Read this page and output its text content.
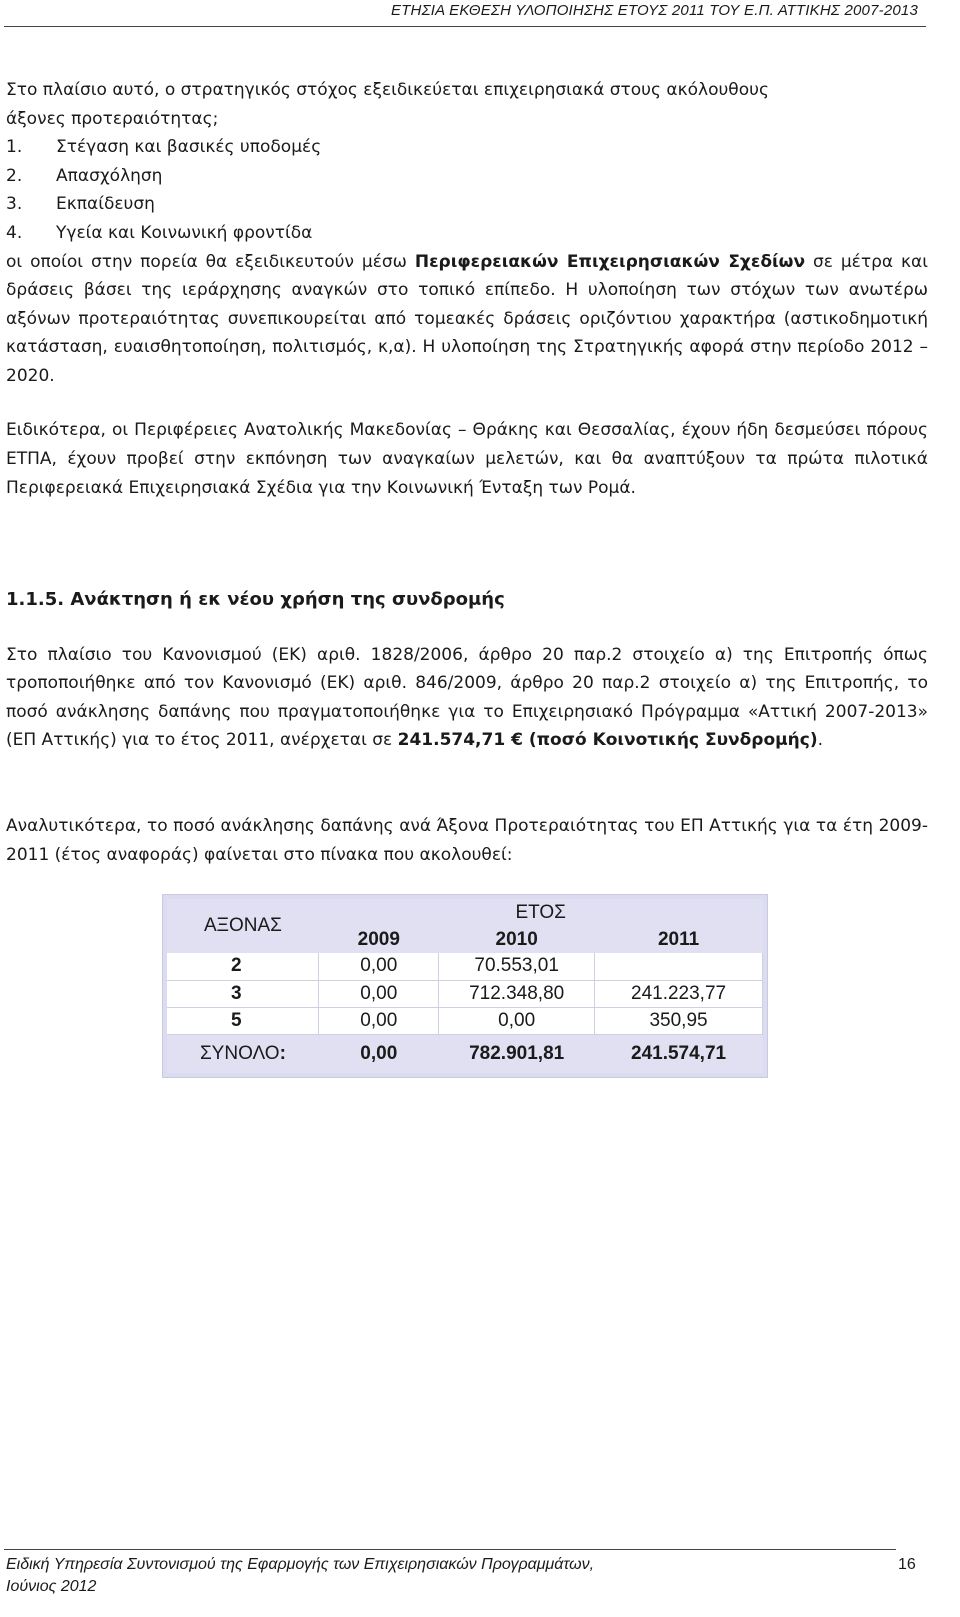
ΕΤΗΣΙΑ ΕΚΘΕΣΗ ΥΛΟΠΟΙΗΣΗΣ ΕΤΟΥΣ 2011 ΤΟΥ Ε.Π. ΑΤΤΙΚΗΣ 2007-2013
Στο πλαίσιο αυτό, ο στρατηγικός στόχος εξειδικεύεται επιχειρησιακά στους ακόλουθους
άξονες προτεραιότητας;
1. Στέγαση και βασικές υποδομές
2. Απασχόληση
3. Εκπαίδευση
4. Υγεία και Κοινωνική φροντίδα
οι οποίοι στην πορεία θα εξειδικευτούν μέσω Περιφερειακών Επιχειρησιακών Σχεδίων σε μέτρα και δράσεις βάσει της ιεράρχησης αναγκών στο τοπικό επίπεδο. Η υλοποίηση των στόχων των ανωτέρω αξόνων προτεραιότητας συνεπικουρείται από τομεακές δράσεις οριζόντιου χαρακτήρα (αστικοδημοτική κατάσταση, ευαισθητοποίηση, πολιτισμός, κ,α). Η υλοποίηση της Στρατηγικής αφορά στην περίοδο 2012 – 2020.
Ειδικότερα, οι Περιφέρειες Ανατολικής Μακεδονίας – Θράκης και Θεσσαλίας, έχουν ήδη δεσμεύσει πόρους ΕΤΠΑ, έχουν προβεί στην εκπόνηση των αναγκαίων μελετών, και θα αναπτύξουν τα πρώτα πιλοτικά Περιφερειακά Επιχειρησιακά Σχέδια για την Κοινωνική Ένταξη των Ρομά.
1.1.5. Ανάκτηση ή εκ νέου χρήση της συνδρομής
Στο πλαίσιο του Κανονισμού (ΕΚ) αριθ. 1828/2006, άρθρο 20 παρ.2 στοιχείο α) της Επιτροπής όπως τροποποιήθηκε από τον Κανονισμό (ΕΚ) αριθ. 846/2009, άρθρο 20 παρ.2 στοιχείο α) της Επιτροπής, το ποσό ανάκλησης δαπάνης που πραγματοποιήθηκε για το Επιχειρησιακό Πρόγραμμα «Αττική 2007-2013» (ΕΠ Αττικής) για το έτος 2011, ανέρχεται σε 241.574,71 € (ποσό Κοινοτικής Συνδρομής).
Αναλυτικότερα, το ποσό ανάκλησης δαπάνης ανά Άξονα Προτεραιότητας του ΕΠ Αττικής για τα έτη 2009- 2011 (έτος αναφοράς) φαίνεται στο πίνακα που ακολουθεί:
ΑΞΟΝΑΣ	ΕΤΟΣ		
	2009	2010	2011
2	0,00	70.553,01	
3	0,00	712.348,80	241.223,77
5	0,00	0,00	350,95
ΣΥΝΟΛΟ:	0,00	782.901,81	241.574,71
Ειδική Υπηρεσία Συντονισμού της Εφαρμογής των Επιχειρησιακών Προγραμμάτων,
Ιούνιος 2012
16
